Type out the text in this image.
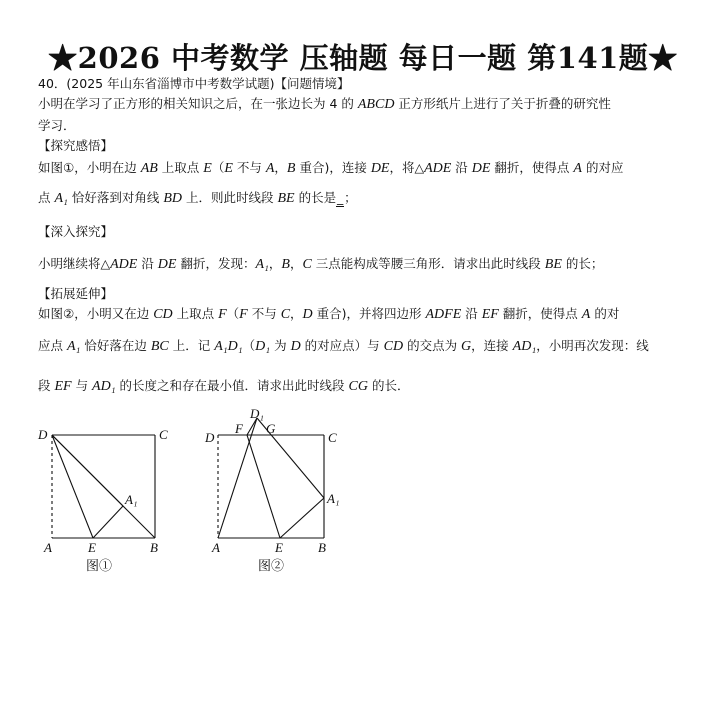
★2026 中考数学 压轴题 每日一题 第141题★
40．(2025 年山东省淄博市中考数学试题)【问题情境】
小明在学习了正方形的相关知识之后，在一张边长为 4 的 ABCD 正方形纸片上进行了关于折叠的研究性
学习．
【探究感悟】
如图①，小明在边 AB 上取点 E（E 不与 A，B 重合)，连接 DE，将△ADE 沿 DE 翻折，使得点 A 的对应
点 A₁ 恰好落到对角线 BD 上．则此时线段 BE 的长是_；
【深入探究】
小明继续将△ADE 沿 DE 翻折，发现：A₁，B，C 三点能构成等腰三角形．请求出此时线段 BE 的长；
【拓展延伸】
如图②，小明又在边 CD 上取点 F（F 不与 C，D 重合)，并将四边形 ADFE 沿 EF 翻折，使得点 A 的对
应点 A₁ 恰好落在边 BC 上．记 A₁D₁（D₁ 为 D 的对应点）与 CD 的交点为 G，连接 AD₁，小明再次发现：线
段 EF 与 AD₁ 的长度之和存在最小值．请求出此时线段 CG 的长．
D	C
A	E	B
A₁
图①
D₁
F G
D	C
A₁
A	E	B
图②
